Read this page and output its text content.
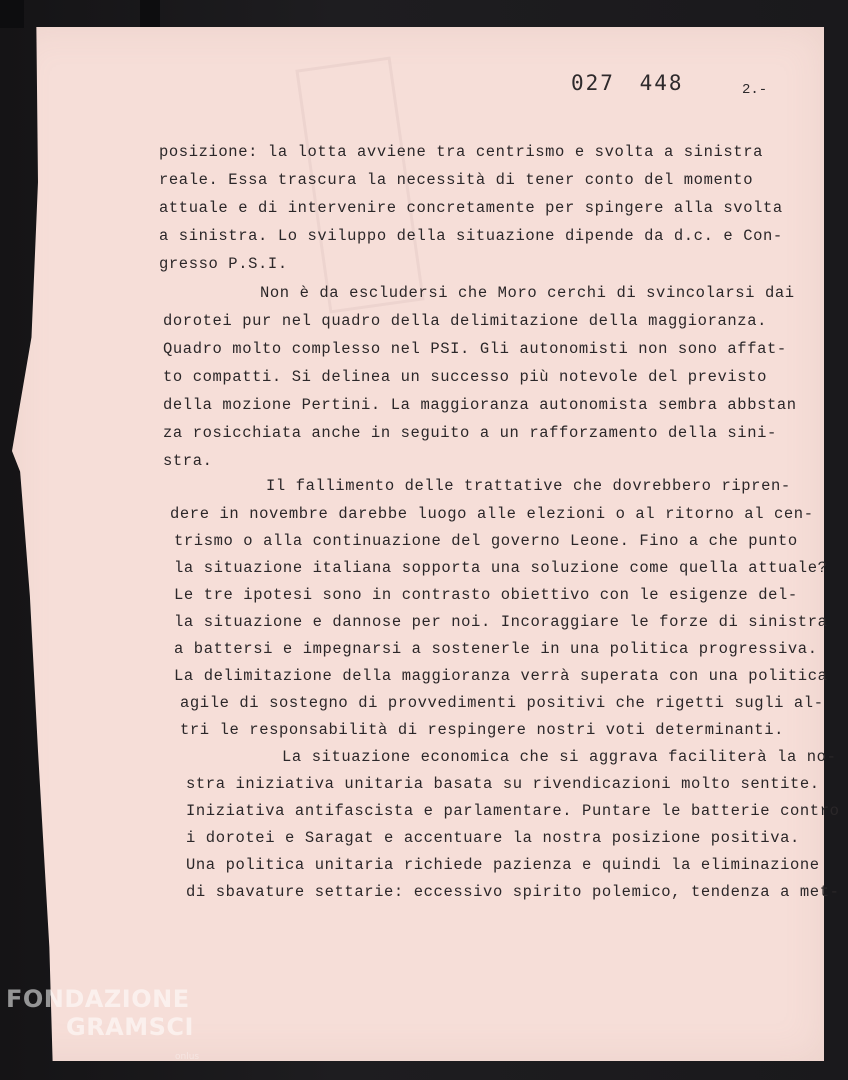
027 448	2.-
posizione: la lotta avviene tra centrismo e svolta a sinistra
reale. Essa trascura la necessità di tener conto del momento
attuale e di intervenire concretamente per spingere alla svolta
a sinistra. Lo sviluppo della situazione dipende da d.c. e Con-
gresso P.S.I.
Non è da escludersi che Moro cerchi di svincolarsi dai
dorotei pur nel quadro della delimitazione della maggioranza.
Quadro molto complesso nel PSI. Gli autonomisti non sono affat-
to compatti. Si delinea un successo più notevole del previsto
della mozione Pertini. La maggioranza autonomista sembra abbstan
za rosicchiata anche in seguito a un rafforzamento della sini-
stra.
Il fallimento delle trattative che dovrebbero ripren-
dere in novembre darebbe luogo alle elezioni o al ritorno al cen-
trismo o alla continuazione del governo Leone. Fino a che punto
la situazione italiana sopporta una soluzione come quella attuale?
Le tre ipotesi sono in contrasto obiettivo con le esigenze del-
la situazione e dannose per noi. Incoraggiare le forze di sinistra
a battersi e impegnarsi a sostenerle in una politica progressiva.
La delimitazione della maggioranza verrà superata con una politica
agile di sostegno di provvedimenti positivi che rigetti sugli al-
tri le responsabilità di respingere nostri voti determinanti.
La situazione economica che si aggrava faciliterà la no-
stra iniziativa unitaria basata su rivendicazioni molto sentite.
Iniziativa antifascista e parlamentare. Puntare le batterie contro
i dorotei e Saragat e accentuare la nostra posizione positiva.
Una politica unitaria richiede pazienza e quindi la eliminazione
di sbavature settarie: eccessivo spirito polemico, tendenza a met-
FONDAZIONE
GRAMSCI
onlus
